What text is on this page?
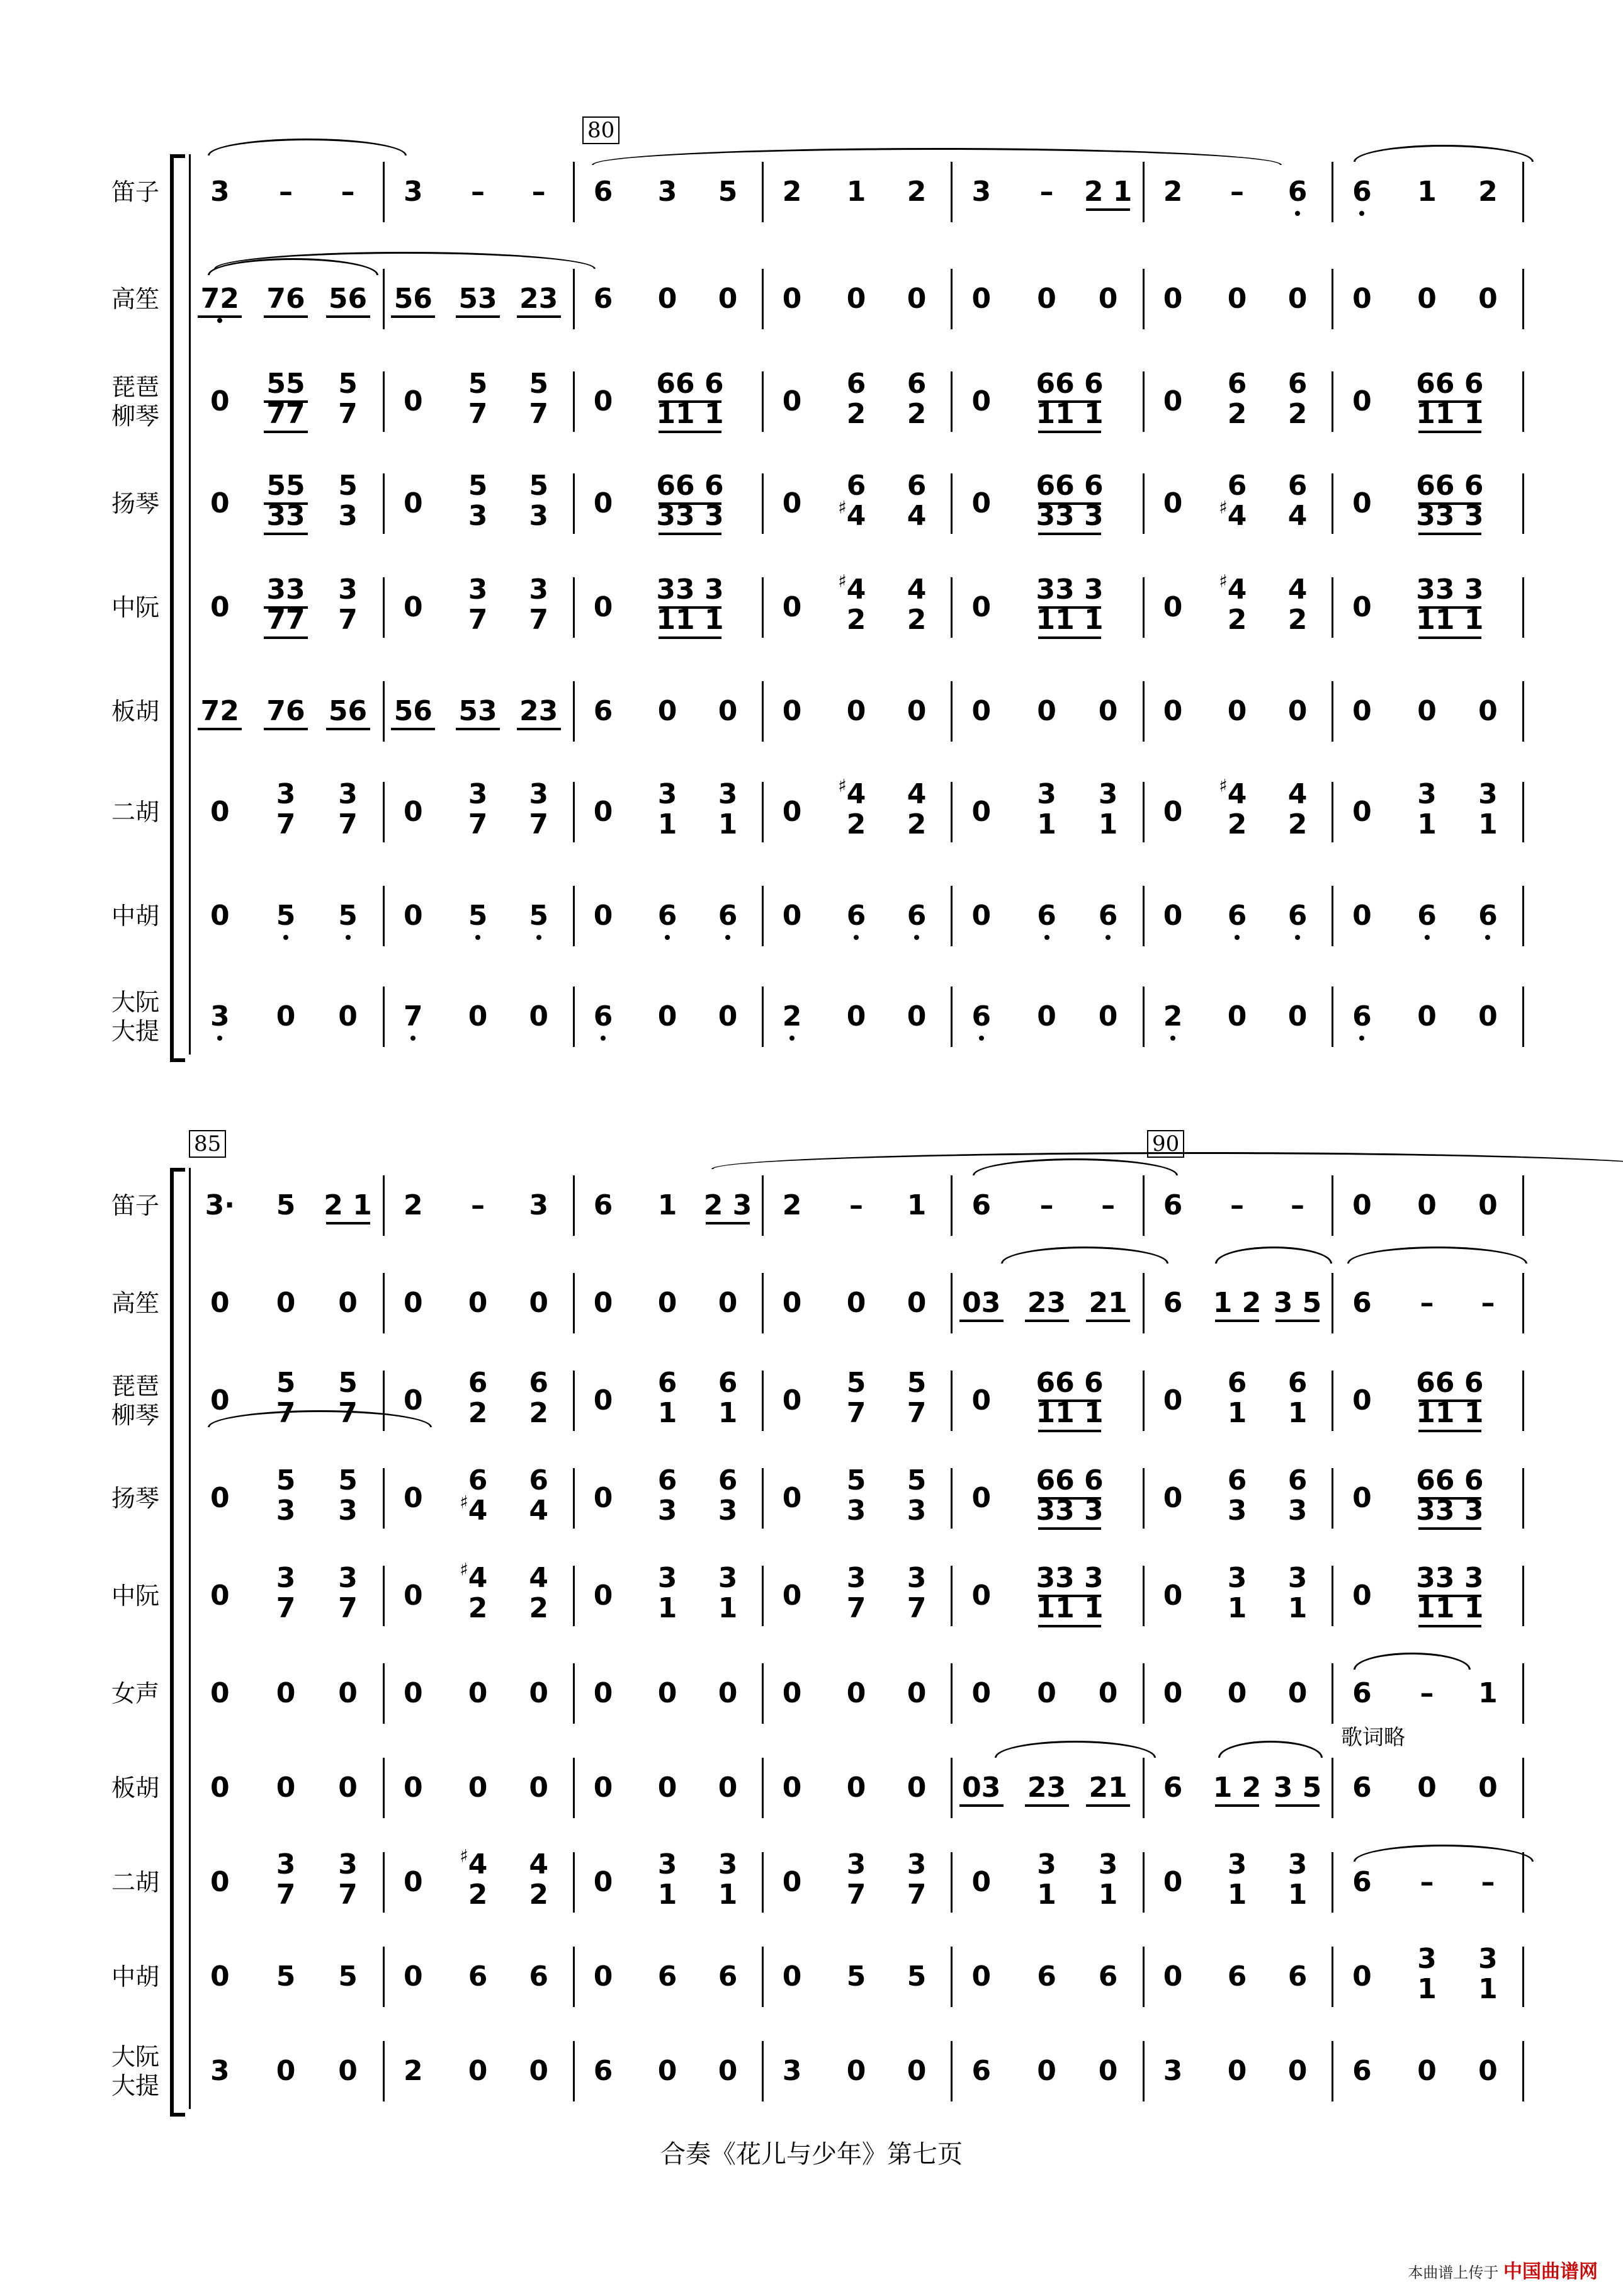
80
3 – – 3 – – 6 3 5 2 1 2 3 – 2 1 2 – 6 6 1 2
笛子
72 76 56 56 53 23 6 0 0 0 0 0 0 0 0 0 0 0 0 0 0
高笙
0
55
77
5
7 0
5
7
5
7 0
66 6
11 1 0
6
2
6
2 0
66 6
11 1 0
6
2
6
2 0
66 6
11 1
琵琶
柳琴
0
55
33
5
3 0
5
3
5
3 0
66 6
33 3 0
6
♯ 4
6
4 0
66 6
33 3 0
6
♯ 4
6
4 0
66 6
33 3
扬琴
0
33
77
3
7 0
3
7
3
7 0
33 3
11 1 0
♯ 4
2
4
2 0
33 3
11 1 0
♯ 4
2
4
2 0
33 3
11 1
中阮
72 76 56 56 53 23 6 0 0 0 0 0 0 0 0 0 0 0 0 0 0
板胡
0
3
7
3
7 0
3
7
3
7 0
3
1
3
1 0
♯ 4
2
4
2 0
3
1
3
1 0
♯ 4
2
4
2 0
3
1
3
1
二胡
0 5 5 0 5 5 0 6 6 0 6 6 0 6 6 0 6 6 0 6 6
中胡
3 0 0 7 0 0 6 0 0 2 0 0 6 0 0 2 0 0 6 0 0
大阮
大提
85	90
3· 5 2 1 2 – 3 6 1 2 3 2 – 1 6 – – 6 – – 0 0 0
笛子
0 0 0 0 0 0 0 0 0 0 0 0 03 23 21 6 1 2 3 5 6 – –
高笙
0
5
7
5
7 0
6
2
6
2 0
6
1
6
1 0
5
7
5
7 0
66 6
11 1 0
6
1
6
1 0
66 6
11 1
琵琶
柳琴
0
5
3
5
3 0
6
♯ 4
6
4 0
6
3
6
3 0
5
3
5
3 0
66 6
33 3 0
6
3
6
3 0
66 6
33 3
扬琴
0
3
7
3
7 0
♯ 4
2
4
2 0
3
1
3
1 0
3
7
3
7 0
33 3
11 1 0
3
1
3
1 0
33 3
11 1
中阮
0 0 0 0 0 0 0 0 0 0 0 0 0 0 0 0 0 0 6 – 1
女声
0 0 0 0 0 0 0 0 0 0 0 0 03 23 21 6 1 2 3 5 6 0 0
板胡
0
3
7
3
7 0
♯ 4
2
4
2 0
3
1
3
1 0
3
7
3
7 0
3
1
3
1 0
3
1
3
1 6 – –
二胡
0 5 5 0 6 6 0 6 6 0 5 5 0 6 6 0 6 6 0
3
1
3
1
中胡
3 0 0 2 0 0 6 0 0 3 0 0 6 0 0 3 0 0 6 0 0
大阮
大提
歌词略
合奏《花儿与少年》第七页
本曲谱上传于 中国曲谱网
